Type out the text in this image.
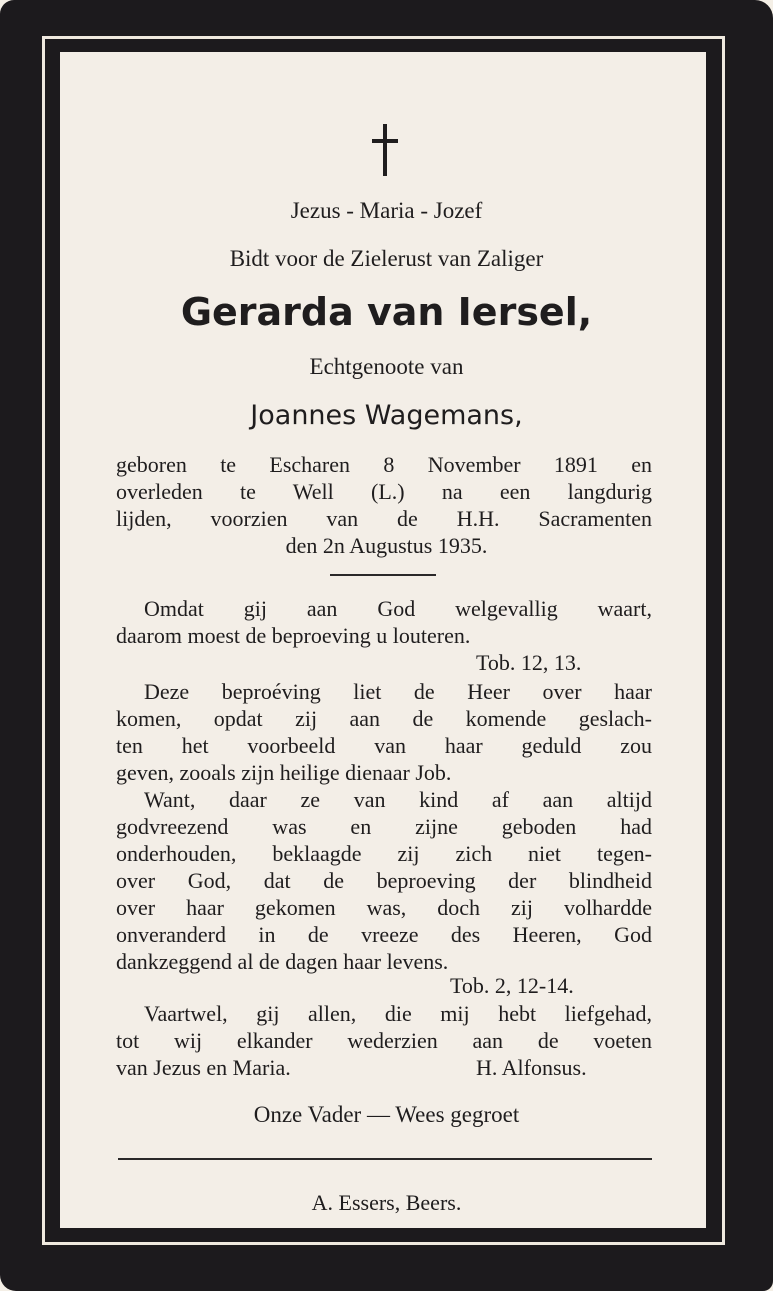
Jezus - Maria - Jozef
Bidt voor de Zielerust van Zaliger
Gerarda van Iersel,
Echtgenoote van
Joannes Wagemans,
geboren te Escharen 8 November 1891 en
overleden te Well (L.) na een langdurig
lijden, voorzien van de H.H. Sacramenten
den 2n Augustus 1935.
Omdat gij aan God welgevallig waart,
daarom moest de beproeving u louteren.
Tob. 12, 13.
Deze beproéving liet de Heer over haar
komen, opdat zij aan de komende geslach-
ten het voorbeeld van haar geduld zou
geven, zooals zijn heilige dienaar Job.
Want, daar ze van kind af aan altijd
godvreezend was en zijne geboden had
onderhouden, beklaagde zij zich niet tegen-
over God, dat de beproeving der blindheid
over haar gekomen was, doch zij volhardde
onveranderd in de vreeze des Heeren, God
dankzeggend al de dagen haar levens.
Tob. 2, 12-14.
Vaartwel, gij allen, die mij hebt liefgehad,
tot wij elkander wederzien aan de voeten
van Jezus en Maria.	H. Alfonsus.
Onze Vader — Wees gegroet
A. Essers, Beers.
